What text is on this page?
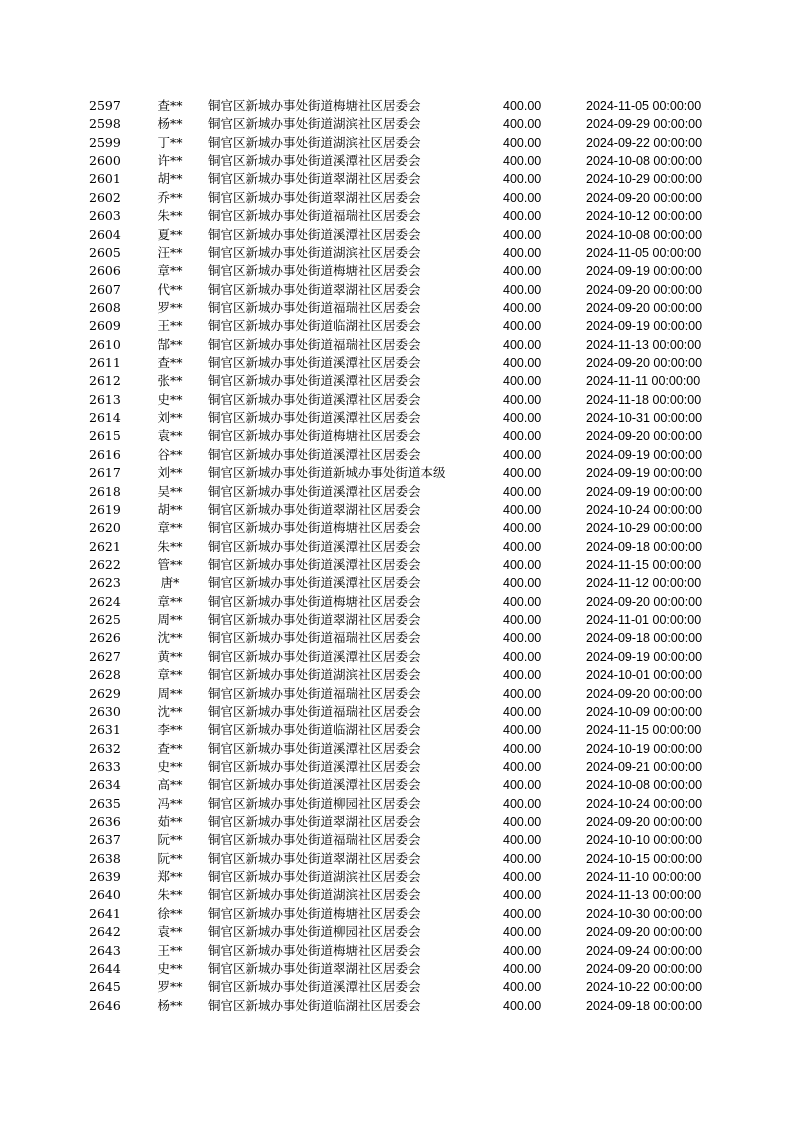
2597	查** 铜官区新城办事处街道梅塘社区居委会	400.00	2024-11-05 00:00:00
2598	杨** 铜官区新城办事处街道湖滨社区居委会	400.00	2024-09-29 00:00:00
2599	丁** 铜官区新城办事处街道湖滨社区居委会	400.00	2024-09-22 00:00:00
2600	许** 铜官区新城办事处街道溪潭社区居委会	400.00	2024-10-08 00:00:00
2601	胡** 铜官区新城办事处街道翠湖社区居委会	400.00	2024-10-29 00:00:00
2602	乔** 铜官区新城办事处街道翠湖社区居委会	400.00	2024-09-20 00:00:00
2603	朱** 铜官区新城办事处街道福瑞社区居委会	400.00	2024-10-12 00:00:00
2604	夏** 铜官区新城办事处街道溪潭社区居委会	400.00	2024-10-08 00:00:00
2605	汪** 铜官区新城办事处街道湖滨社区居委会	400.00	2024-11-05 00:00:00
2606	章** 铜官区新城办事处街道梅塘社区居委会	400.00	2024-09-19 00:00:00
2607	代** 铜官区新城办事处街道翠湖社区居委会	400.00	2024-09-20 00:00:00
2608	罗** 铜官区新城办事处街道福瑞社区居委会	400.00	2024-09-20 00:00:00
2609	王** 铜官区新城办事处街道临湖社区居委会	400.00	2024-09-19 00:00:00
2610	郜** 铜官区新城办事处街道福瑞社区居委会	400.00	2024-11-13 00:00:00
2611	查** 铜官区新城办事处街道溪潭社区居委会	400.00	2024-09-20 00:00:00
2612	张** 铜官区新城办事处街道溪潭社区居委会	400.00	2024-11-11 00:00:00
2613	史** 铜官区新城办事处街道溪潭社区居委会	400.00	2024-11-18 00:00:00
2614	刘** 铜官区新城办事处街道溪潭社区居委会	400.00	2024-10-31 00:00:00
2615	袁** 铜官区新城办事处街道梅塘社区居委会	400.00	2024-09-20 00:00:00
2616	谷** 铜官区新城办事处街道溪潭社区居委会	400.00	2024-09-19 00:00:00
2617	刘** 铜官区新城办事处街道新城办事处街道本级	400.00	2024-09-19 00:00:00
2618	吴** 铜官区新城办事处街道溪潭社区居委会	400.00	2024-09-19 00:00:00
2619	胡** 铜官区新城办事处街道翠湖社区居委会	400.00	2024-10-24 00:00:00
2620	章** 铜官区新城办事处街道梅塘社区居委会	400.00	2024-10-29 00:00:00
2621	朱** 铜官区新城办事处街道溪潭社区居委会	400.00	2024-09-18 00:00:00
2622	管** 铜官区新城办事处街道溪潭社区居委会	400.00	2024-11-15 00:00:00
2623	唐*	铜官区新城办事处街道溪潭社区居委会	400.00	2024-11-12 00:00:00
2624	章** 铜官区新城办事处街道梅塘社区居委会	400.00	2024-09-20 00:00:00
2625	周** 铜官区新城办事处街道翠湖社区居委会	400.00	2024-11-01 00:00:00
2626	沈** 铜官区新城办事处街道福瑞社区居委会	400.00	2024-09-18 00:00:00
2627	黄** 铜官区新城办事处街道溪潭社区居委会	400.00	2024-09-19 00:00:00
2628	章** 铜官区新城办事处街道湖滨社区居委会	400.00	2024-10-01 00:00:00
2629	周** 铜官区新城办事处街道福瑞社区居委会	400.00	2024-09-20 00:00:00
2630	沈** 铜官区新城办事处街道福瑞社区居委会	400.00	2024-10-09 00:00:00
2631	李** 铜官区新城办事处街道临湖社区居委会	400.00	2024-11-15 00:00:00
2632	查** 铜官区新城办事处街道溪潭社区居委会	400.00	2024-10-19 00:00:00
2633	史** 铜官区新城办事处街道溪潭社区居委会	400.00	2024-09-21 00:00:00
2634	高** 铜官区新城办事处街道溪潭社区居委会	400.00	2024-10-08 00:00:00
2635	冯** 铜官区新城办事处街道柳园社区居委会	400.00	2024-10-24 00:00:00
2636	茹** 铜官区新城办事处街道翠湖社区居委会	400.00	2024-09-20 00:00:00
2637	阮** 铜官区新城办事处街道福瑞社区居委会	400.00	2024-10-10 00:00:00
2638	阮** 铜官区新城办事处街道翠湖社区居委会	400.00	2024-10-15 00:00:00
2639	郑** 铜官区新城办事处街道湖滨社区居委会	400.00	2024-11-10 00:00:00
2640	朱** 铜官区新城办事处街道湖滨社区居委会	400.00	2024-11-13 00:00:00
2641	徐** 铜官区新城办事处街道梅塘社区居委会	400.00	2024-10-30 00:00:00
2642	袁** 铜官区新城办事处街道柳园社区居委会	400.00	2024-09-20 00:00:00
2643	王** 铜官区新城办事处街道梅塘社区居委会	400.00	2024-09-24 00:00:00
2644	史** 铜官区新城办事处街道翠湖社区居委会	400.00	2024-09-20 00:00:00
2645	罗** 铜官区新城办事处街道溪潭社区居委会	400.00	2024-10-22 00:00:00
2646	杨** 铜官区新城办事处街道临湖社区居委会	400.00	2024-09-18 00:00:00
